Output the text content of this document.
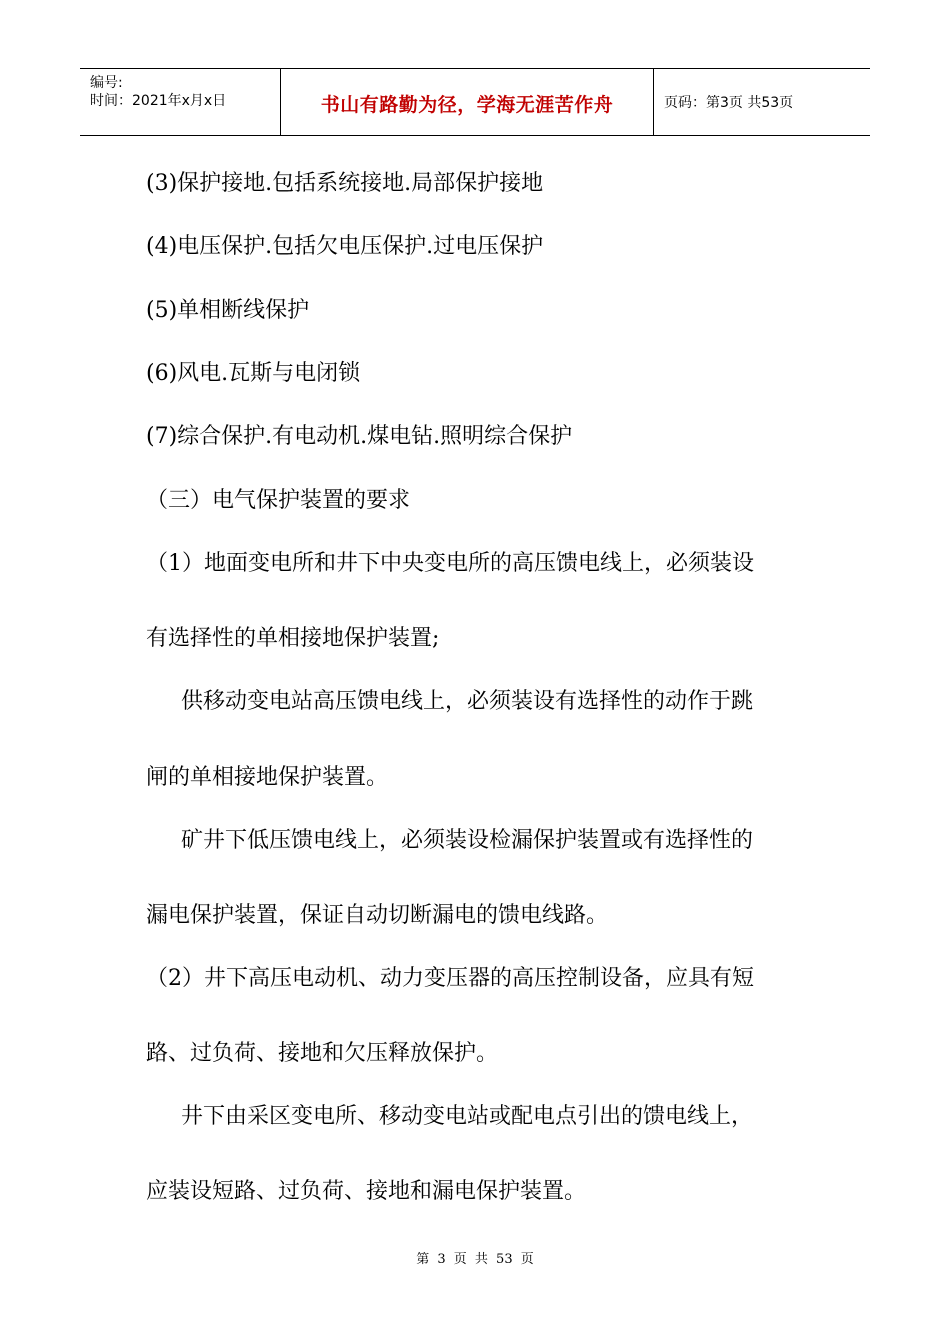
编号:
时间：2021年x月x日	书山有路勤为径，学海无涯苦作舟	页码：第3页 共53页
(3)保护接地.包括系统接地.局部保护接地
(4)电压保护.包括欠电压保护.过电压保护
(5)单相断线保护
(6)风电.瓦斯与电闭锁
(7)综合保护.有电动机.煤电钻.照明综合保护
（三）电气保护装置的要求
（1）地面变电所和井下中央变电所的高压馈电线上，必须装设
有选择性的单相接地保护装置;
供移动变电站高压馈电线上，必须装设有选择性的动作于跳
闸的单相接地保护装置。
矿井下低压馈电线上，必须装设检漏保护装置或有选择性的
漏电保护装置，保证自动切断漏电的馈电线路。
（2）井下高压电动机、动力变压器的高压控制设备，应具有短
路、过负荷、接地和欠压释放保护。
井下由采区变电所、移动变电站或配电点引出的馈电线上，
应装设短路、过负荷、接地和漏电保护装置。
第 3 页 共 53 页
